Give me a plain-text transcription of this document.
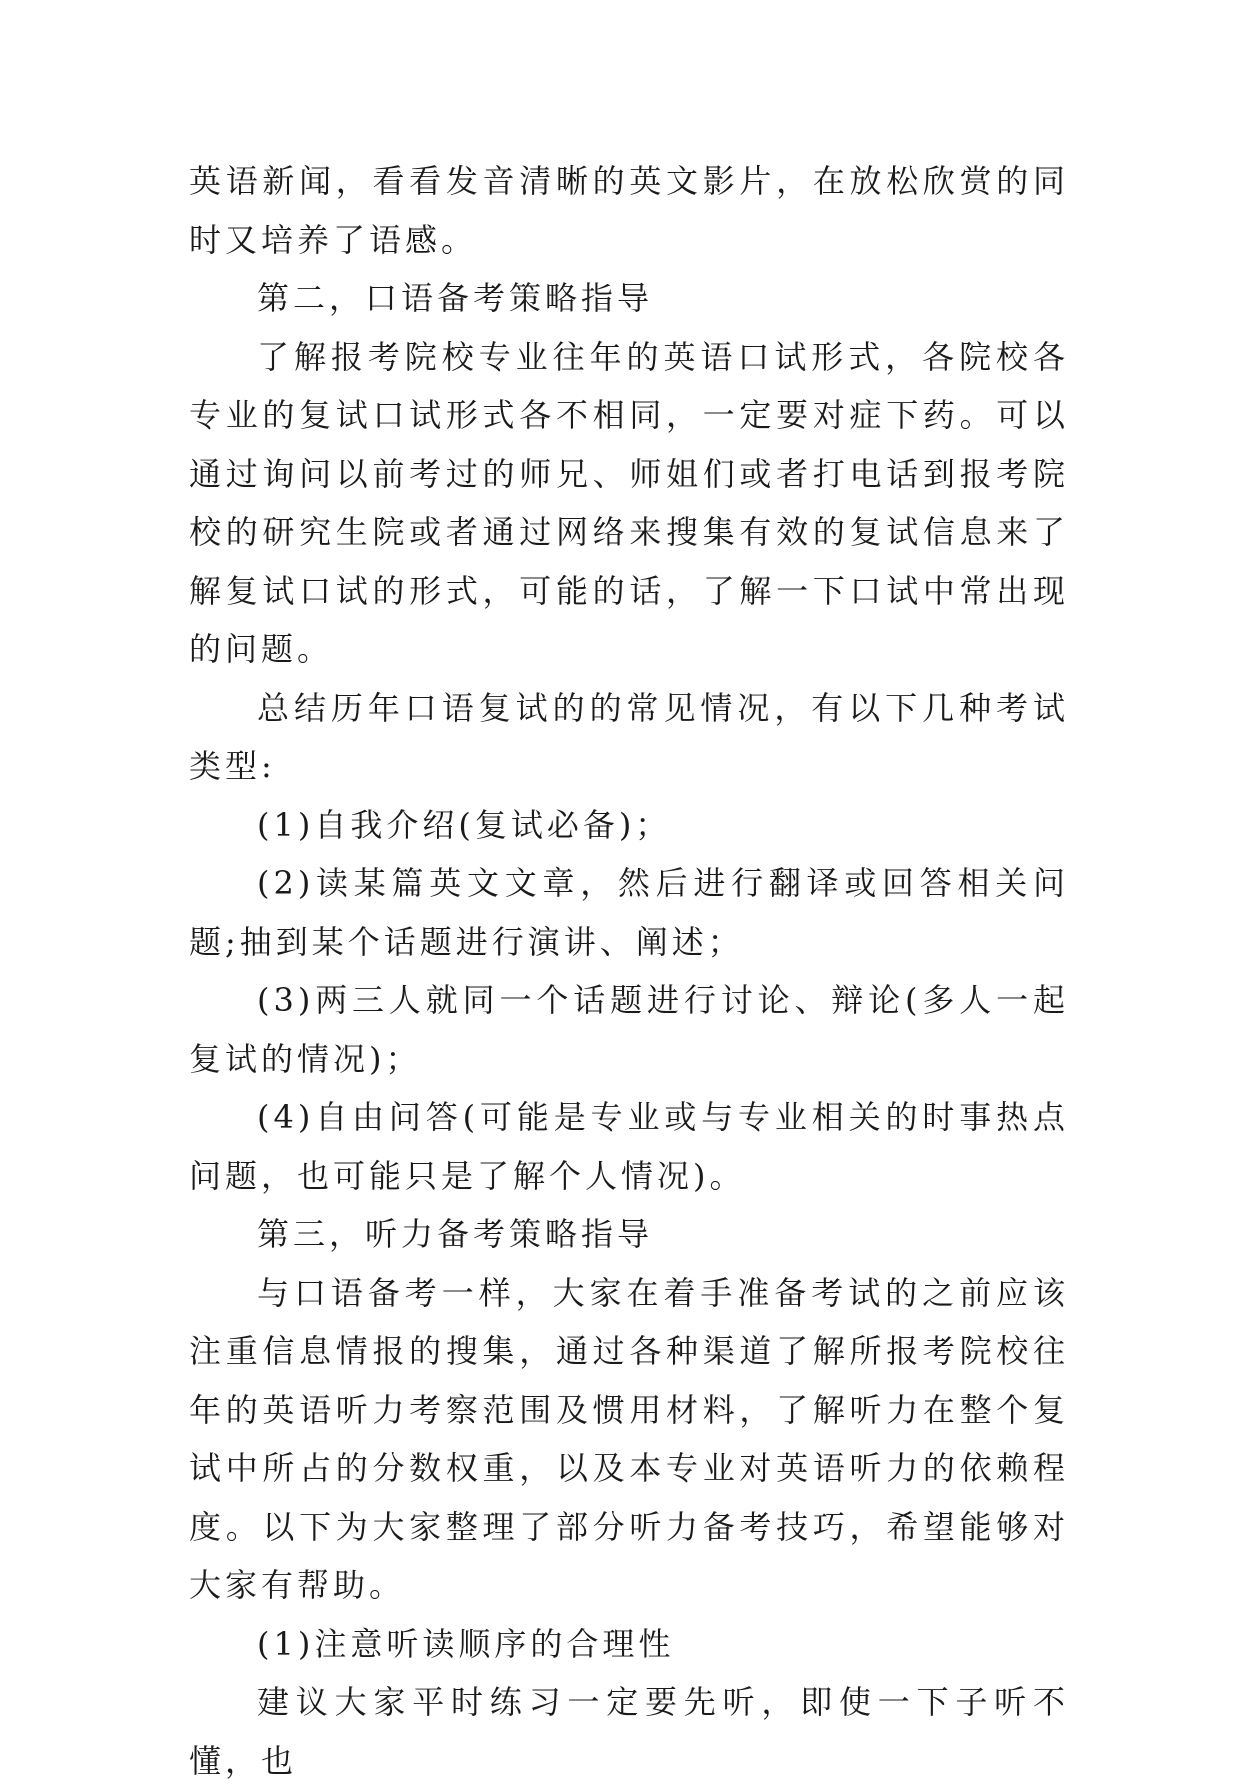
英语新闻，看看发音清晰的英文影片，在放松欣赏的同时又培养了语感。

第二，口语备考策略指导

了解报考院校专业往年的英语口试形式，各院校各专业的复试口试形式各不相同，一定要对症下药。可以通过询问以前考过的师兄、师姐们或者打电话到报考院校的研究生院或者通过网络来搜集有效的复试信息来了解复试口试的形式，可能的话，了解一下口试中常出现的问题。

总结历年口语复试的的常见情况，有以下几种考试类型:

(1)自我介绍(复试必备)；

(2)读某篇英文文章，然后进行翻译或回答相关问题;抽到某个话题进行演讲、阐述；

(3)两三人就同一个话题进行讨论、辩论(多人一起复试的情况)；

(4)自由问答(可能是专业或与专业相关的时事热点问题，也可能只是了解个人情况)。

第三，听力备考策略指导

与口语备考一样，大家在着手准备考试的之前应该注重信息情报的搜集，通过各种渠道了解所报考院校往年的英语听力考察范围及惯用材料，了解听力在整个复试中所占的分数权重，以及本专业对英语听力的依赖程度。以下为大家整理了部分听力备考技巧，希望能够对大家有帮助。

(1)注意听读顺序的合理性

建议大家平时练习一定要先听，即使一下子听不懂，也
